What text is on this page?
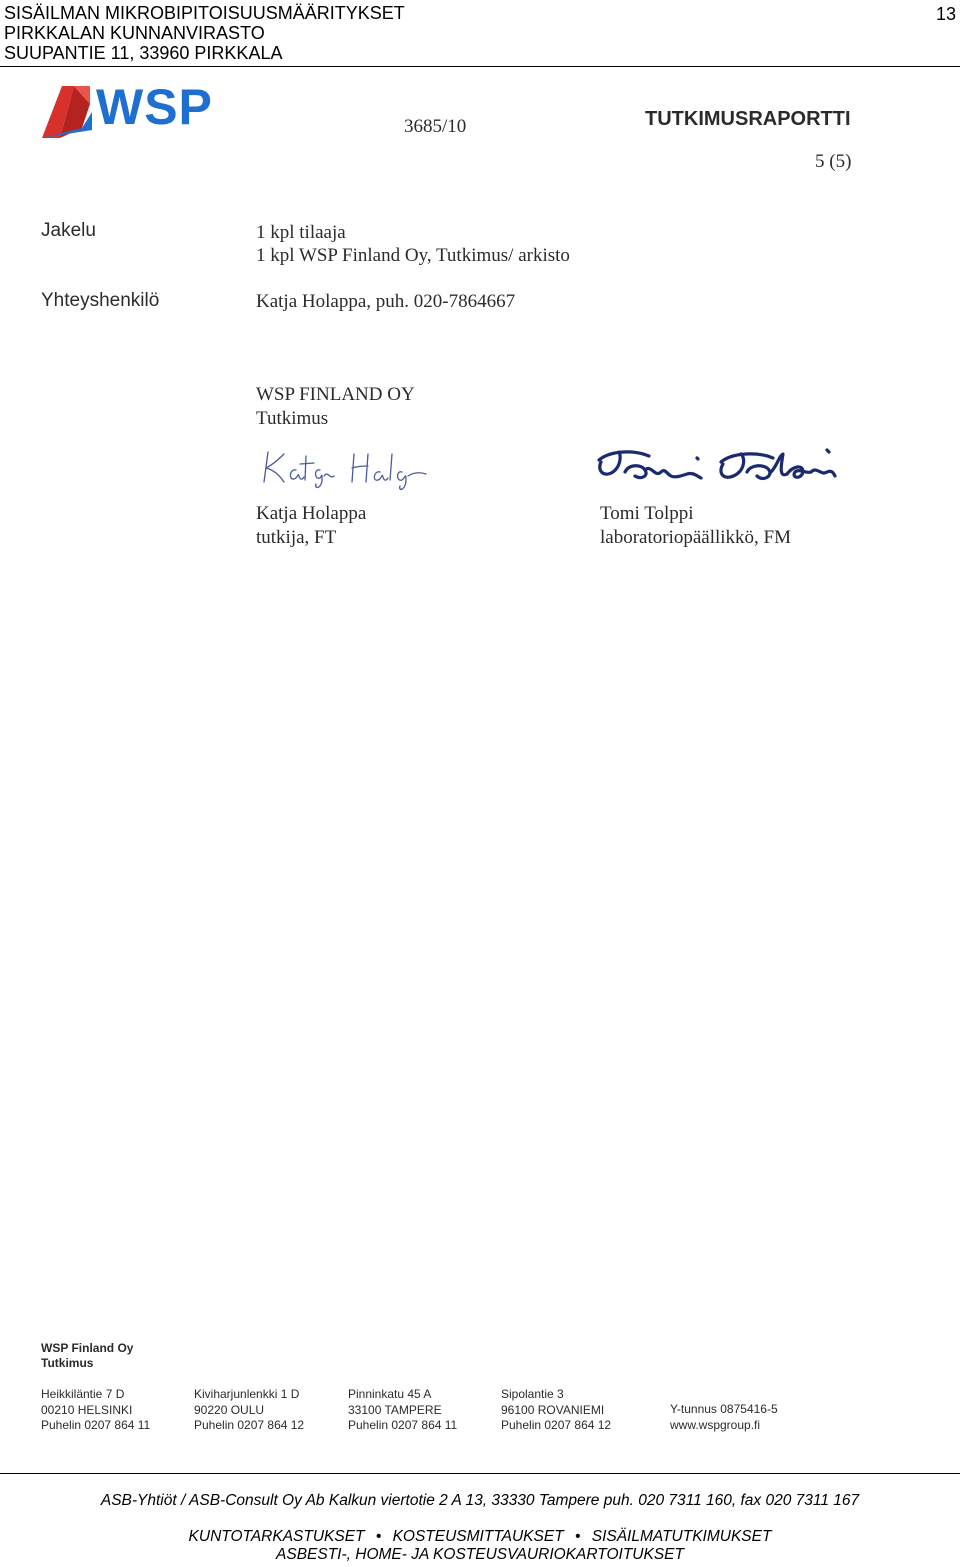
SISÄILMAN MIKROBIPITOISUUSMÄÄRITYKSET
PIRKKALAN KUNNANVIRASTO
SUUPANTIE 11, 33960 PIRKKALA
13
WSP	3685/10	TUTKIMUSRAPORTTI
5 (5)
Jakelu	1 kpl tilaaja
1 kpl WSP Finland Oy, Tutkimus/ arkisto
Yhteyshenkilö	Katja Holappa, puh. 020-7864667
WSP FINLAND OY
Tutkimus
Katja Holappa
tutkija, FT
Tomi Tolppi
laboratoriopäällikkö, FM
WSP Finland Oy
Tutkimus
Heikkiläntie 7 D
00210 HELSINKI
Puhelin 0207 864 11
Kiviharjunlenkki 1 D
90220 OULU
Puhelin 0207 864 12
Pinninkatu 45 A
33100 TAMPERE
Puhelin 0207 864 11
Sipolantie 3
96100 ROVANIEMI
Puhelin 0207 864 12
Y-tunnus 0875416-5
www.wspgroup.fi
ASB-Yhtiöt / ASB-Consult Oy Ab Kalkun viertotie 2 A 13, 33330 Tampere puh. 020 7311 160, fax 020 7311 167
KUNTOTARKASTUKSET • KOSTEUSMITTAUKSET • SISÄILMATUTKIMUKSET
ASBESTI-, HOME- JA KOSTEUSVAURIOKARTOITUKSET
